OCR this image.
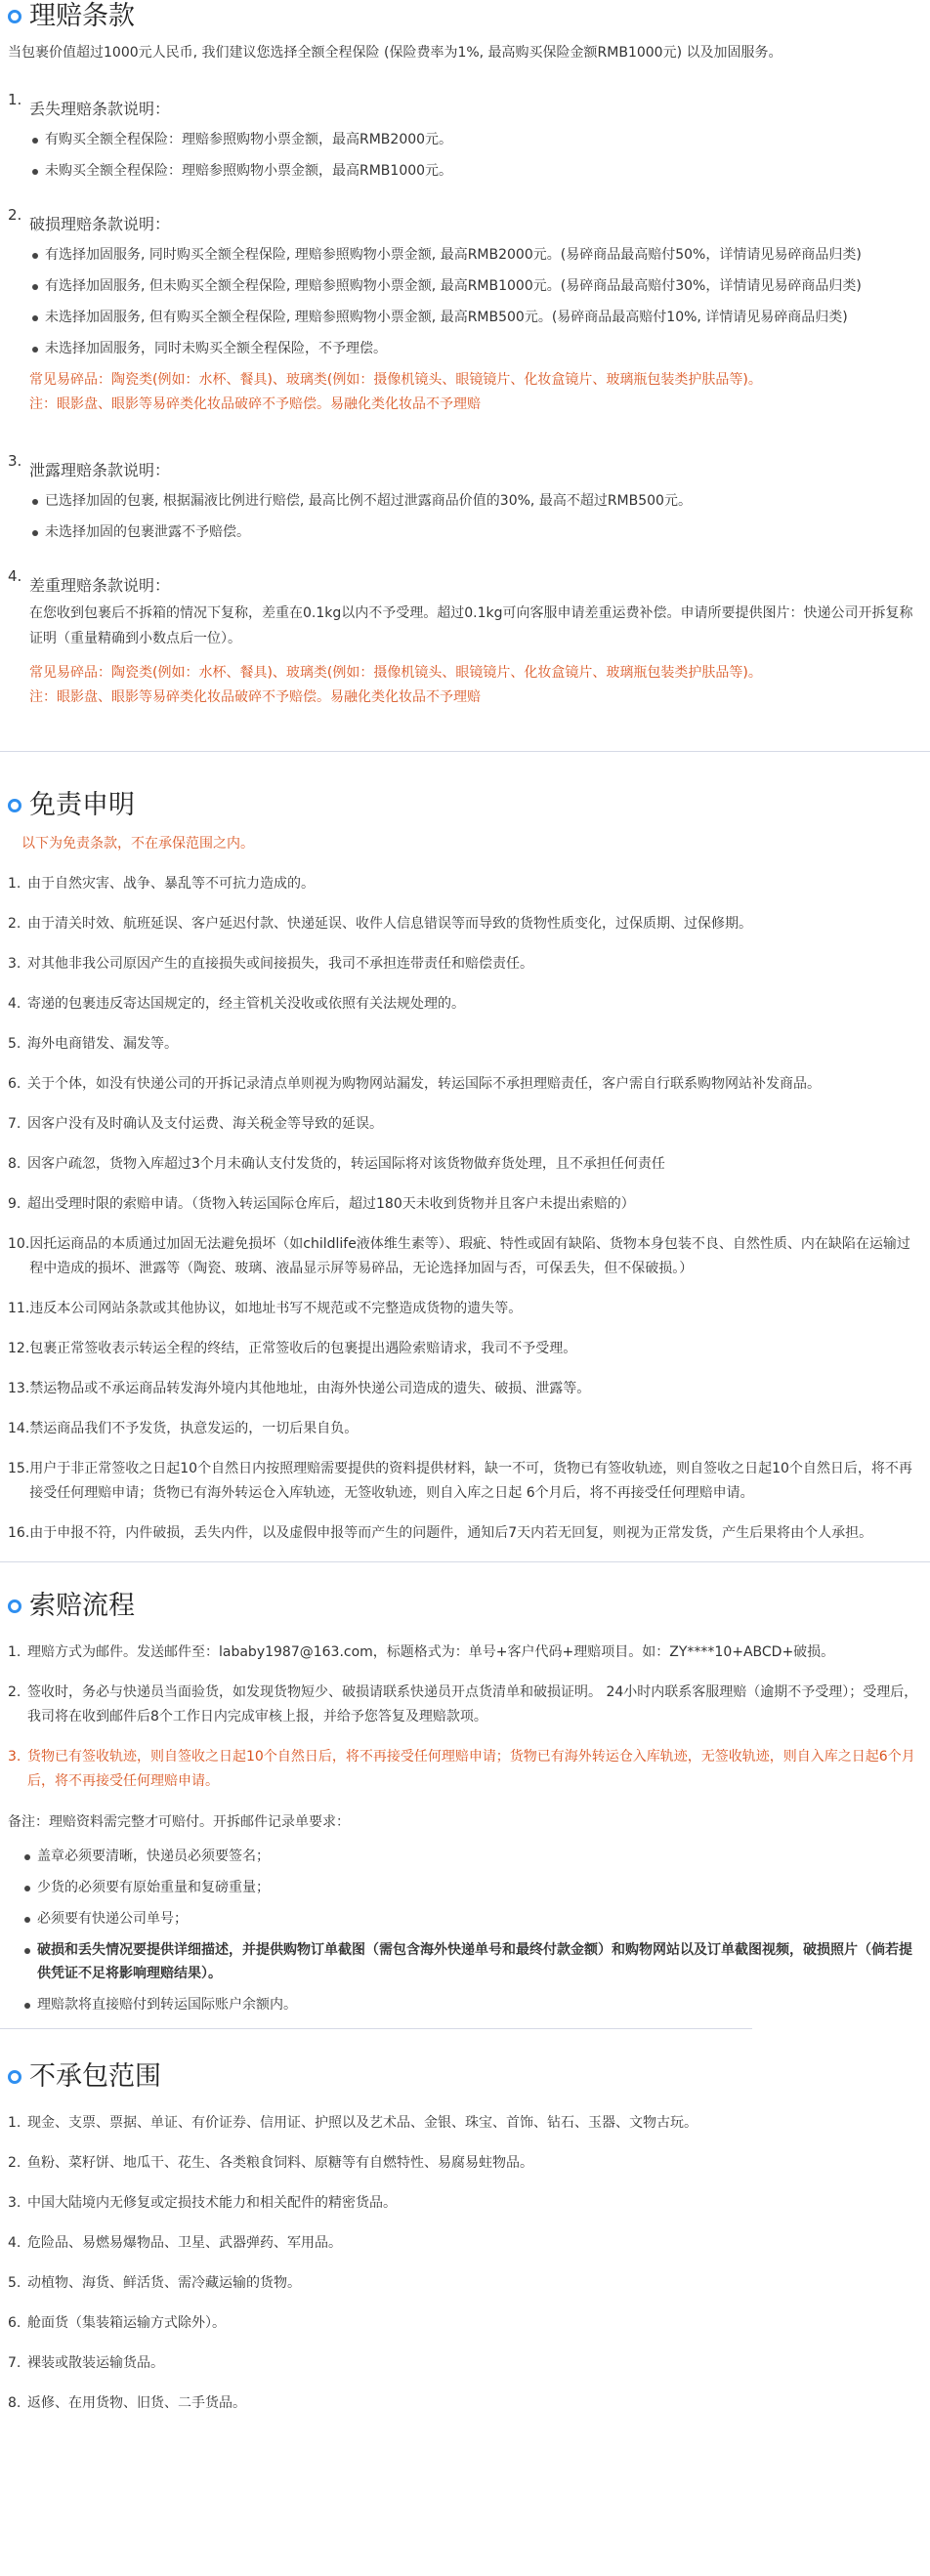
理赔条款

当包裹价值超过1000元人民币, 我们建议您选择全额全程保险 (保险费率为1%, 最高购买保险金额RMB1000元) 以及加固服务。

1. 丢失理赔条款说明：
有购买全额全程保险：理赔参照购物小票金额，最高RMB2000元。
未购买全额全程保险：理赔参照购物小票金额，最高RMB1000元。
2. 破损理赔条款说明：
有选择加固服务, 同时购买全额全程保险, 理赔参照购物小票金额, 最高RMB2000元。(易碎商品最高赔付50%，详情请见易碎商品归类)
有选择加固服务, 但未购买全额全程保险, 理赔参照购物小票金额, 最高RMB1000元。(易碎商品最高赔付30%，详情请见易碎商品归类)
未选择加固服务, 但有购买全额全程保险, 理赔参照购物小票金额, 最高RMB500元。(易碎商品最高赔付10%, 详情请见易碎商品归类)
未选择加固服务，同时未购买全额全程保险，不予理偿。

常见易碎品：陶瓷类(例如：水杯、餐具)、玻璃类(例如：摄像机镜头、眼镜镜片、化妆盒镜片、玻璃瓶包装类护肤品等)。

注：眼影盘、眼影等易碎类化妆品破碎不予赔偿。易融化类化妆品不予理赔

3. 泄露理赔条款说明：
已选择加固的包裹, 根据漏液比例进行赔偿, 最高比例不超过泄露商品价值的30%, 最高不超过RMB500元。
未选择加固的包裹泄露不予赔偿。
4. 差重理赔条款说明：

在您收到包裹后不拆箱的情况下复称，差重在0.1kg以内不予受理。超过0.1kg可向客服申请差重运费补偿。申请所要提供图片：快递公司开拆复称证明（重量精确到小数点后一位）。

常见易碎品：陶瓷类(例如：水杯、餐具)、玻璃类(例如：摄像机镜头、眼镜镜片、化妆盒镜片、玻璃瓶包装类护肤品等)。

注：眼影盘、眼影等易碎类化妆品破碎不予赔偿。易融化类化妆品不予理赔

免责申明

以下为免责条款，不在承保范围之内。

1. 由于自然灾害、战争、暴乱等不可抗力造成的。
2. 由于清关时效、航班延误、客户延迟付款、快递延误、收件人信息错误等而导致的货物性质变化，过保质期、过保修期。
3. 对其他非我公司原因产生的直接损失或间接损失，我司不承担连带责任和赔偿责任。
4. 寄递的包裹违反寄达国规定的，经主管机关没收或依照有关法规处理的。
5. 海外电商错发、漏发等。
6. 关于个体，如没有快递公司的开拆记录清点单则视为购物网站漏发，转运国际不承担理赔责任，客户需自行联系购物网站补发商品。
7. 因客户没有及时确认及支付运费、海关税金等导致的延误。
8. 因客户疏忽，货物入库超过3个月未确认支付发货的，转运国际将对该货物做弃货处理，且不承担任何责任
9. 超出受理时限的索赔申请。（货物入转运国际仓库后，超过180天未收到货物并且客户未提出索赔的）
10. 因托运商品的本质通过加固无法避免损坏（如childlife液体维生素等）、瑕疵、特性或固有缺陷、货物本身包装不良、自然性质、内在缺陷在运输过程中造成的损坏、泄露等（陶瓷、玻璃、液晶显示屏等易碎品，无论选择加固与否，可保丢失，但不保破损。）
11. 违反本公司网站条款或其他协议，如地址书写不规范或不完整造成货物的遗失等。
12. 包裹正常签收表示转运全程的终结，正常签收后的包裹提出遇险索赔请求，我司不予受理。
13. 禁运物品或不承运商品转发海外境内其他地址，由海外快递公司造成的遗失、破损、泄露等。
14. 禁运商品我们不予发货，执意发运的，一切后果自负。
15. 用户于非正常签收之日起10个自然日内按照理赔需要提供的资料提供材料，缺一不可，货物已有签收轨迹，则自签收之日起10个自然日后，将不再接受任何理赔申请；货物已有海外转运仓入库轨迹，无签收轨迹，则自入库之日起 6个月后，将不再接受任何理赔申请。
16. 由于申报不符，内件破损，丢失内件，以及虚假申报等而产生的问题件，通知后7天内若无回复，则视为正常发货，产生后果将由个人承担。
索赔流程
1. 理赔方式为邮件。发送邮件至：lababy1987@163.com，标题格式为：单号+客户代码+理赔项目。如：ZY****10+ABCD+破损。
2. 签收时，务必与快递员当面验货，如发现货物短少、破损请联系快递员开点货清单和破损证明。 24小时内联系客服理赔（逾期不予受理）；受理后，我司将在收到邮件后8个工作日内完成审核上报，并给予您答复及理赔款项。
3. 货物已有签收轨迹，则自签收之日起10个自然日后，将不再接受任何理赔申请；货物已有海外转运仓入库轨迹，无签收轨迹，则自入库之日起6个月后，将不再接受任何理赔申请。

备注：理赔资料需完整才可赔付。开拆邮件记录单要求：

盖章必须要清晰，快递员必须要签名；
少货的必须要有原始重量和复磅重量；
必须要有快递公司单号；
破损和丢失情况要提供详细描述，并提供购物订单截图（需包含海外快递单号和最终付款金额）和购物网站以及订单截图视频，破损照片（倘若提供凭证不足将影响理赔结果）。
理赔款将直接赔付到转运国际账户余额内。
不承包范围
1. 现金、支票、票据、单证、有价证券、信用证、护照以及艺术品、金银、珠宝、首饰、钻石、玉器、文物古玩。
2. 鱼粉、菜籽饼、地瓜干、花生、各类粮食饲料、原糖等有自燃特性、易腐易蛀物品。
3. 中国大陆境内无修复或定损技术能力和相关配件的精密货品。
4. 危险品、易燃易爆物品、卫星、武器弹药、军用品。
5. 动植物、海货、鲜活货、需冷藏运输的货物。
6. 舱面货（集装箱运输方式除外）。
7. 裸装或散装运输货品。
8. 返修、在用货物、旧货、二手货品。
